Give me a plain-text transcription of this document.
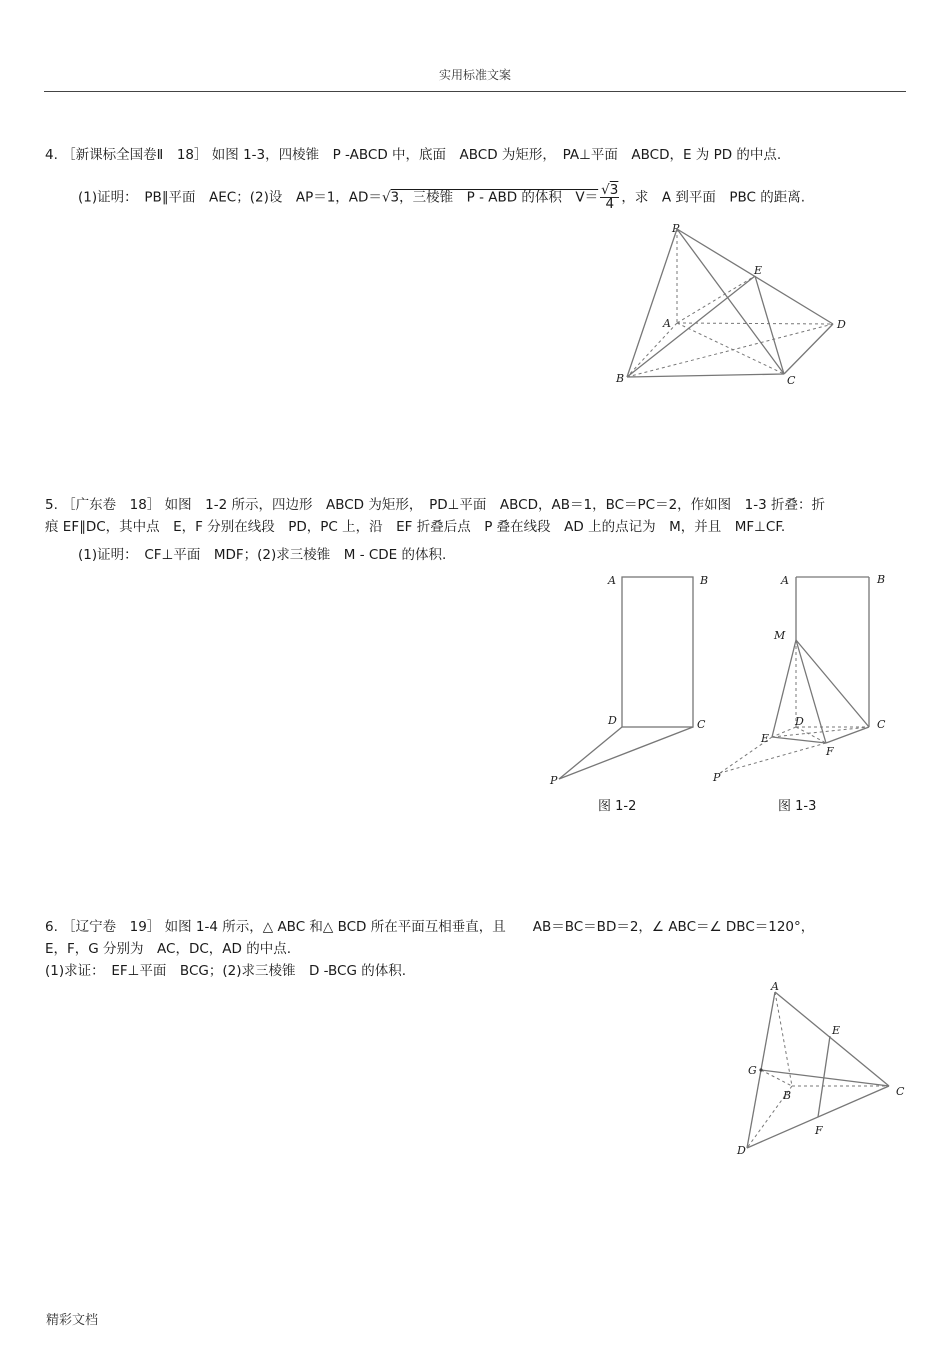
实用标准文案
4. ［新课标全国卷Ⅱ　18］ 如图 1-3，四棱锥　P -ABCD 中，底面　ABCD 为矩形，　PA⊥平面　ABCD，E 为 PD 的中点.
(1)证明：　PB∥平面　AEC；(2)设　AP＝1，AD＝√3，三棱锥　P - ABD 的体积　$V= \frac{√3}{4}$ ，求　A 到平面　PBC 的距离.
P
E
A	D
B	C
5. ［广东卷　18］ 如图　1-2 所示，四边形　ABCD 为矩形，　PD⊥平面　ABCD，AB＝1，BC＝PC＝2，作如图　1-3 折叠：折
痕 EF∥DC，其中点　E，F 分别在线段　PD，PC 上，沿　EF 折叠后点　P 叠在线段　AD 上的点记为　M，并且　MF⊥CF.
(1)证明：　CF⊥平面　MDF；(2)求三棱锥　M - CDE 的体积.
A	B
D	C
P
图 1-2
A	B
M
D	C
E
F
P
图 1-3
6. ［辽宁卷　19］ 如图 1-4 所示，△ ABC 和△ BCD 所在平面互相垂直，且　　AB＝BC＝BD＝2，∠ ABC＝∠ DBC＝120°，
E，F，G 分别为　AC，DC，AD 的中点.
(1)求证：　EF⊥平面　BCG；(2)求三棱锥　D -BCG 的体积.
A
E
G
B	C
F
D
精彩文档
